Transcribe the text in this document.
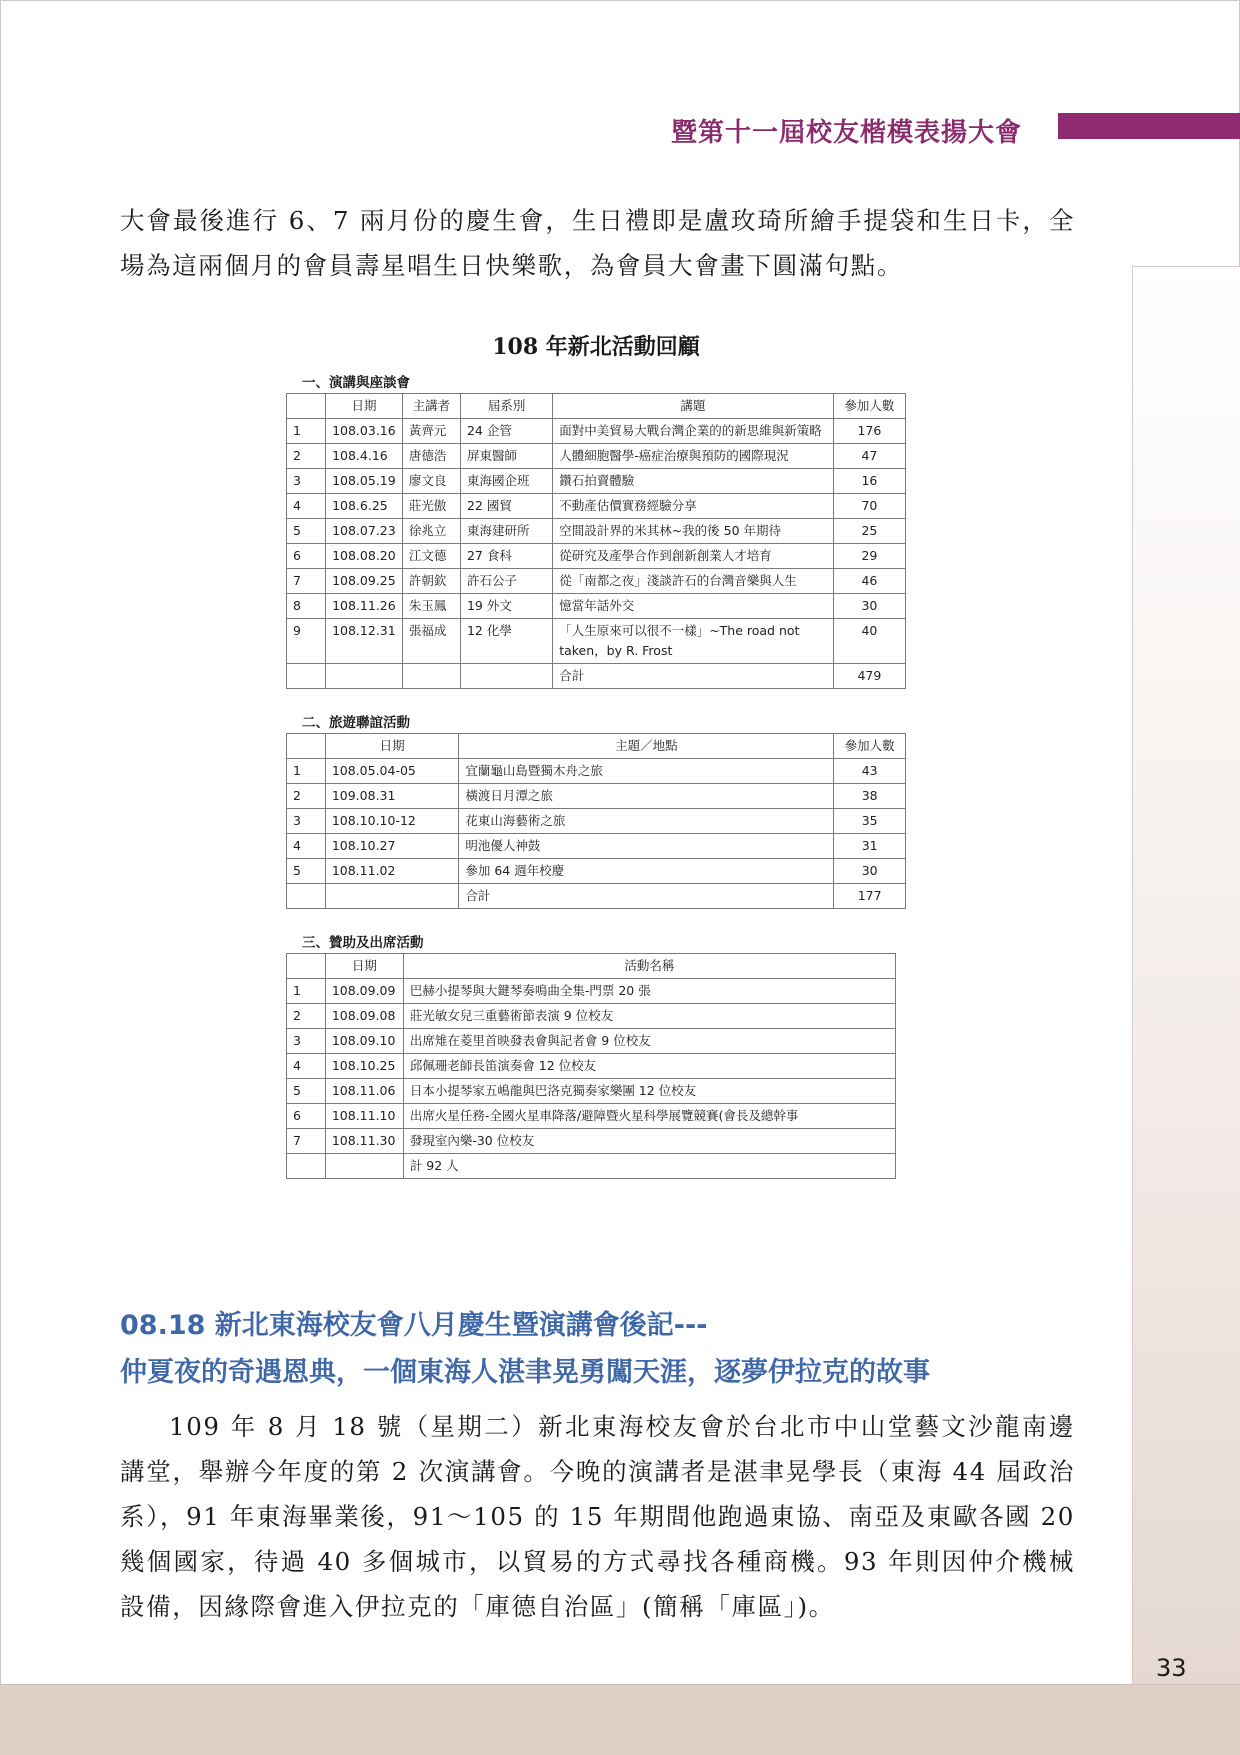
暨第十一屆校友楷模表揚大會

大會最後進行 6、7 兩月份的慶生會，生日禮即是盧玫琦所繪手提袋和生日卡，全場為這兩個月的會員壽星唱生日快樂歌，為會員大會畫下圓滿句點。

108 年新北活動回顧
一、演講與座談會
	日期	主講者	屆系別	講題	參加人數
1	108.03.16	黃齊元	24 企管	面對中美貿易大戰台灣企業的的新思維與新策略	176
2	108.4.16	唐德浩	屏東醫師	人體細胞醫學-癌症治療與預防的國際現況	47
3	108.05.19	廖文良	東海國企班	鑽石拍賣體驗	16
4	108.6.25	莊光傲	22 國貿	不動產估價實務經驗分享	70
5	108.07.23	徐兆立	東海建研所	空間設計界的米其林~我的後 50 年期待	25
6	108.08.20	江文德	27 食科	從研究及產學合作到創新創業人才培育	29
7	108.09.25	許朝欽	許石公子	從「南都之夜」淺談許石的台灣音樂與人生	46
8	108.11.26	朱玉鳳	19 外文	憶當年話外交	30
9	108.12.31	張福成	12 化學	「人生原來可以很不一樣」~The road not taken，by R. Frost	40
				合計	479
二、旅遊聯誼活動
	日期	主題／地點	參加人數
1	108.05.04-05	宜蘭龜山島暨獨木舟之旅	43
2	109.08.31	橫渡日月潭之旅	38
3	108.10.10-12	花東山海藝術之旅	35
4	108.10.27	明池優人神鼓	31
5	108.11.02	參加 64 週年校慶	30
		合計	177
三、贊助及出席活動
	日期	活動名稱
1	108.09.09	巴赫小提琴與大鍵琴奏鳴曲全集-門票 20 張
2	108.09.08	莊光敏女兒三重藝術節表演 9 位校友
3	108.09.10	出席雉在菱里首映發表會與記者會 9 位校友
4	108.10.25	邱佩珊老師長笛演奏會 12 位校友
5	108.11.06	日本小提琴家五嶋龍與巴洛克獨奏家樂團 12 位校友
6	108.11.10	出席火星任務-全國火星車降落/避障暨火星科學展覽競賽(會長及總幹事
7	108.11.30	發現室內樂-30 位校友
		計 92 人
08.18 新北東海校友會八月慶生暨演講會後記---
仲夏夜的奇遇恩典，一個東海人湛聿晃勇闖天涯，逐夢伊拉克的故事

109 年 8 月 18 號（星期二）新北東海校友會於台北市中山堂藝文沙龍南邊講堂，舉辦今年度的第 2 次演講會。今晚的演講者是湛聿晃學長（東海 44 屆政治系），91 年東海畢業後，91～105 的 15 年期間他跑過東協、南亞及東歐各國 20 幾個國家，待過 40 多個城市，以貿易的方式尋找各種商機。93 年則因仲介機械設備，因緣際會進入伊拉克的「庫德自治區」(簡稱「庫區」)。

33
